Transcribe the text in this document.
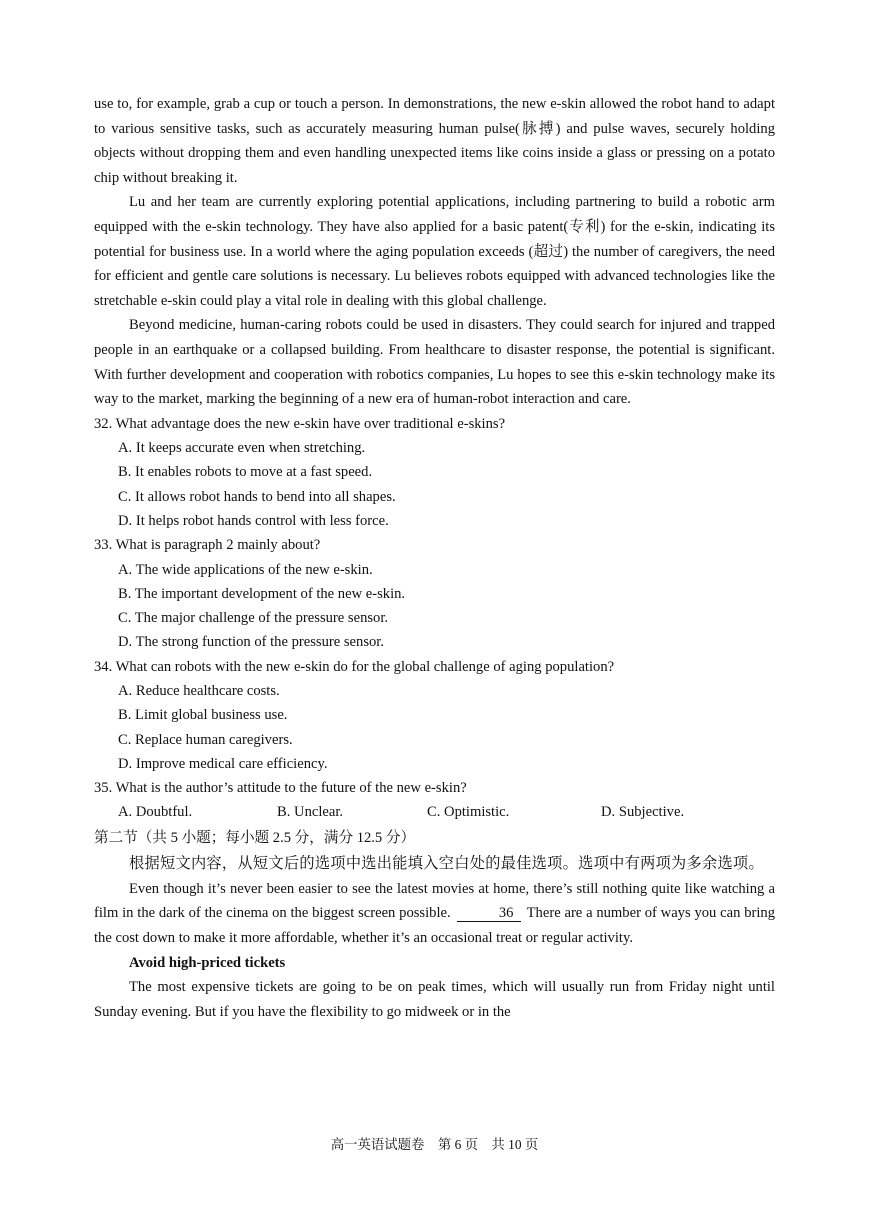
use to, for example, grab a cup or touch a person. In demonstrations, the new e-skin allowed the robot hand to adapt to various sensitive tasks, such as accurately measuring human pulse(脉搏) and pulse waves, securely holding objects without dropping them and even handling unexpected items like coins inside a glass or pressing on a potato chip without breaking it.

Lu and her team are currently exploring potential applications, including partnering to build a robotic arm equipped with the e-skin technology. They have also applied for a basic patent(专利) for the e-skin, indicating its potential for business use. In a world where the aging population exceeds (超过) the number of caregivers, the need for efficient and gentle care solutions is necessary. Lu believes robots equipped with advanced technologies like the stretchable e-skin could play a vital role in dealing with this global challenge.

Beyond medicine, human-caring robots could be used in disasters. They could search for injured and trapped people in an earthquake or a collapsed building. From healthcare to disaster response, the potential is significant. With further development and cooperation with robotics companies, Lu hopes to see this e-skin technology make its way to the market, marking the beginning of a new era of human-robot interaction and care.

32. What advantage does the new e-skin have over traditional e-skins?

A. It keeps accurate even when stretching.

B. It enables robots to move at a fast speed.

C. It allows robot hands to bend into all shapes.

D. It helps robot hands control with less force.

33. What is paragraph 2 mainly about?

A. The wide applications of the new e-skin.

B. The important development of the new e-skin.

C. The major challenge of the pressure sensor.

D. The strong function of the pressure sensor.

34. What can robots with the new e-skin do for the global challenge of aging population?

A. Reduce healthcare costs.

B. Limit global business use.

C. Replace human caregivers.

D. Improve medical care efficiency.

35. What is the author’s attitude to the future of the new e-skin?

A. Doubtful.	B. Unclear.	C. Optimistic.	D. Subjective.

第二节（共 5 小题；每小题 2.5 分，满分 12.5 分）

根据短文内容，从短文后的选项中选出能填入空白处的最佳选项。选项中有两项为多余选项。

Even though it’s never been easier to see the latest movies at home, there’s still nothing quite like watching a film in the dark of the cinema on the biggest screen possible.	36 There are a number of ways you can bring the cost down to make it more affordable, whether it’s an occasional treat or regular activity.

Avoid high-priced tickets

The most expensive tickets are going to be on peak times, which will usually run from Friday night until Sunday evening. But if you have the flexibility to go midweek or in the

高一英语试题卷　第 6 页　共 10 页
